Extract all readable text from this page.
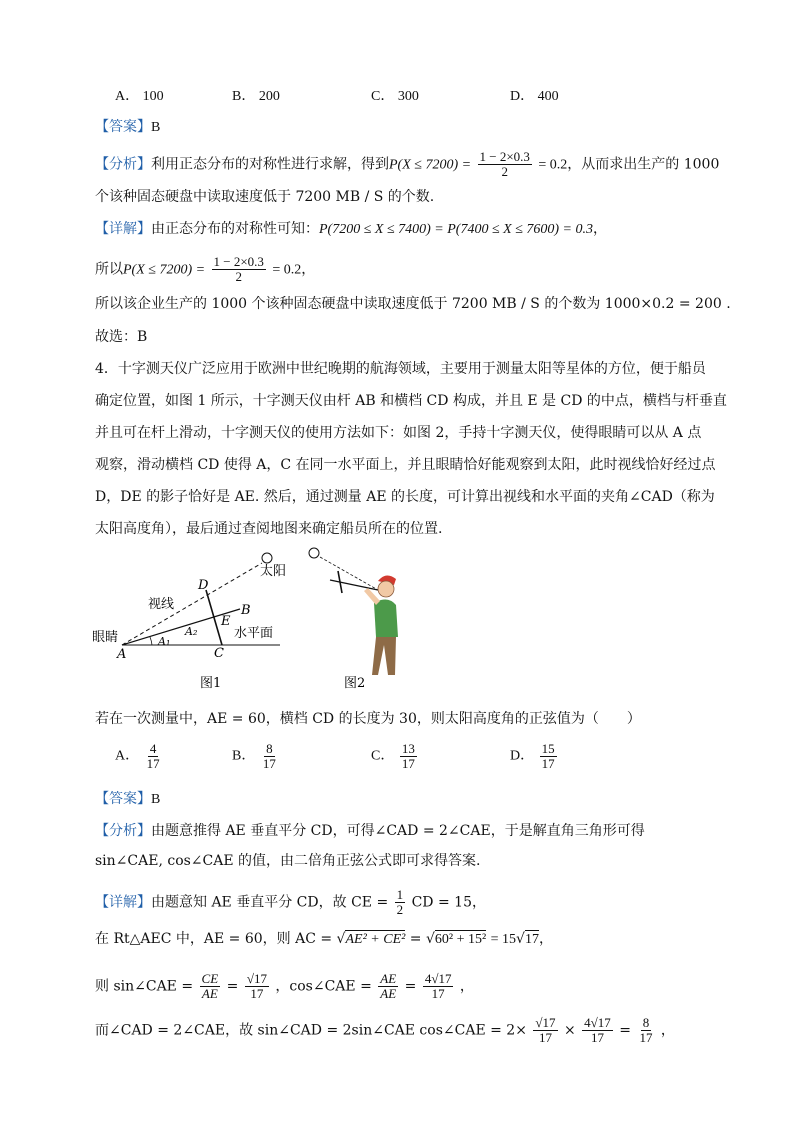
A． 100	B． 200	C． 300	D． 400
【答案】B
【分析】利用正态分布的对称性进行求解，得到$P(X \le 7200) = \frac{1 - 2\times 0.3}{2} = 0.2$，从而求出生产的 1000
个该种固态硬盘中读取速度低于 7200 MB / S 的个数.
【详解】由正态分布的对称性可知：P(7200 ≤ X ≤ 7400) = P(7400 ≤ X ≤ 7600) = 0.3，
所以$P(X \le 7200) = \frac{1 - 2\times 0.3}{2} = 0.2$，
所以该企业生产的 1000 个该种固态硬盘中读取速度低于 7200 MB / S 的个数为 1000×0.2 = 200 .
故选：B
4．十字测天仪广泛应用于欧洲中世纪晚期的航海领域，主要用于测量太阳等星体的方位，便于船员
确定位置，如图 1 所示，十字测天仪由杆 AB 和横档 CD 构成，并且 E 是 CD 的中点，横档与杆垂直
并且可在杆上滑动，十字测天仪的使用方法如下：如图 2，手持十字测天仪，使得眼睛可以从 A 点
观察，滑动横档 CD 使得 A，C 在同一水平面上，并且眼睛恰好能观察到太阳，此时视线恰好经过点
D，DE 的影子恰好是 AE. 然后，通过测量 AE 的长度，可计算出视线和水平面的夹角∠CAD（称为
太阳高度角），最后通过查阅地图来确定船员所在的位置.
太阳
视线
眼睛	水平面
A
B
C
D
E
A₁
A₂
图1	图2
若在一次测量中，AE = 60，横档 CD 的长度为 30，则太阳高度角的正弦值为（　　）
A． $\frac{4}{17}$	B． $\frac{8}{17}$	C． $\frac{13}{17}$	D． $\frac{15}{17}$
【答案】B
【分析】由题意推得 AE 垂直平分 CD，可得∠CAD = 2∠CAE，于是解直角三角形可得
sin∠CAE, cos∠CAE 的值，由二倍角正弦公式即可求得答案.
【详解】由题意知 AE 垂直平分 CD，故 CE = $\frac{1}{2}$ CD = 15，
在 Rt△AEC 中，AE = 60，则 AC = √AE² + CE² = √60² + 15² = 15√17，
则 sin∠CAE = $\frac{CE}{AE} = \frac{√17}{17}$ ，cos∠CAE = $\frac{AE}{AE} = \frac{4√17}{17}$ ，
而∠CAD = 2∠CAE，故 sin∠CAD = 2sin∠CAE cos∠CAE = $2\times \frac{√17}{17} \times \frac{4√17}{17} = \frac{8}{17}$ ，
